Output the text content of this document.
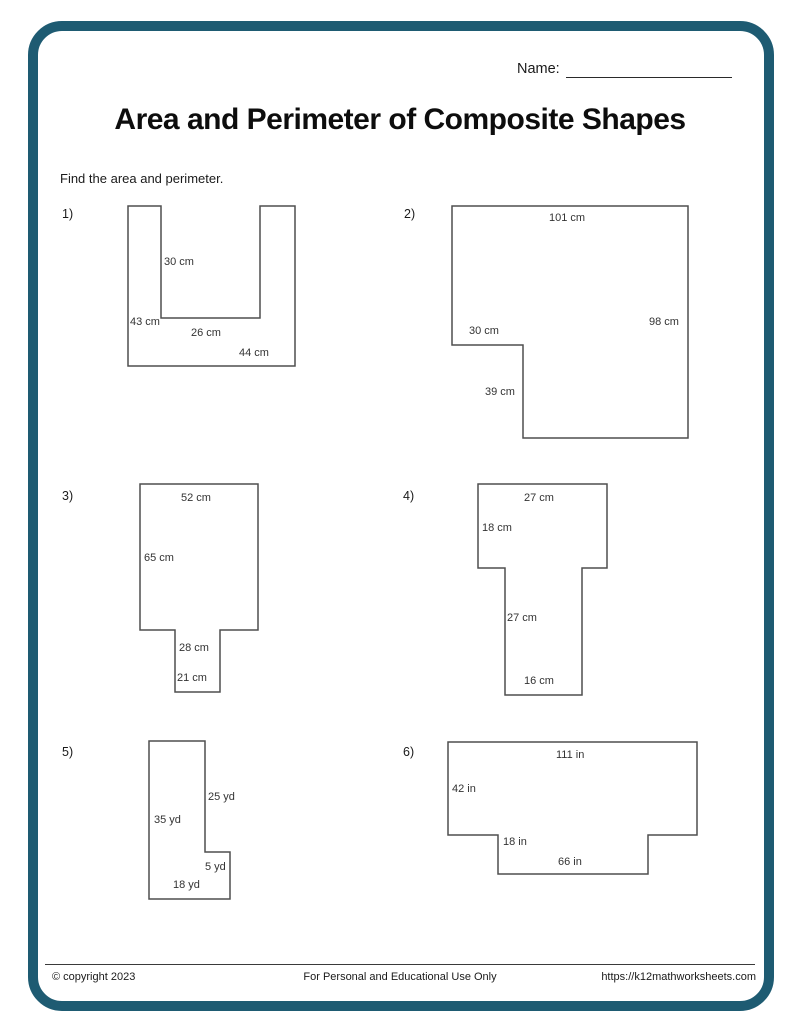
Name:
Area and Perimeter of Composite Shapes
Find the area and perimeter.
1)
30 cm
43 cm
26 cm
44 cm
2)	101 cm
98 cm
30 cm
39 cm
3)	52 cm
65 cm
28 cm
21 cm
4)	27 cm
18 cm
27 cm
16 cm
5)
25 yd
35 yd
5 yd
18 yd
6)	111 in
42 in
18 in
66 in
© copyright 2023	For Personal and Educational Use Only	https://k12mathworksheets.com
